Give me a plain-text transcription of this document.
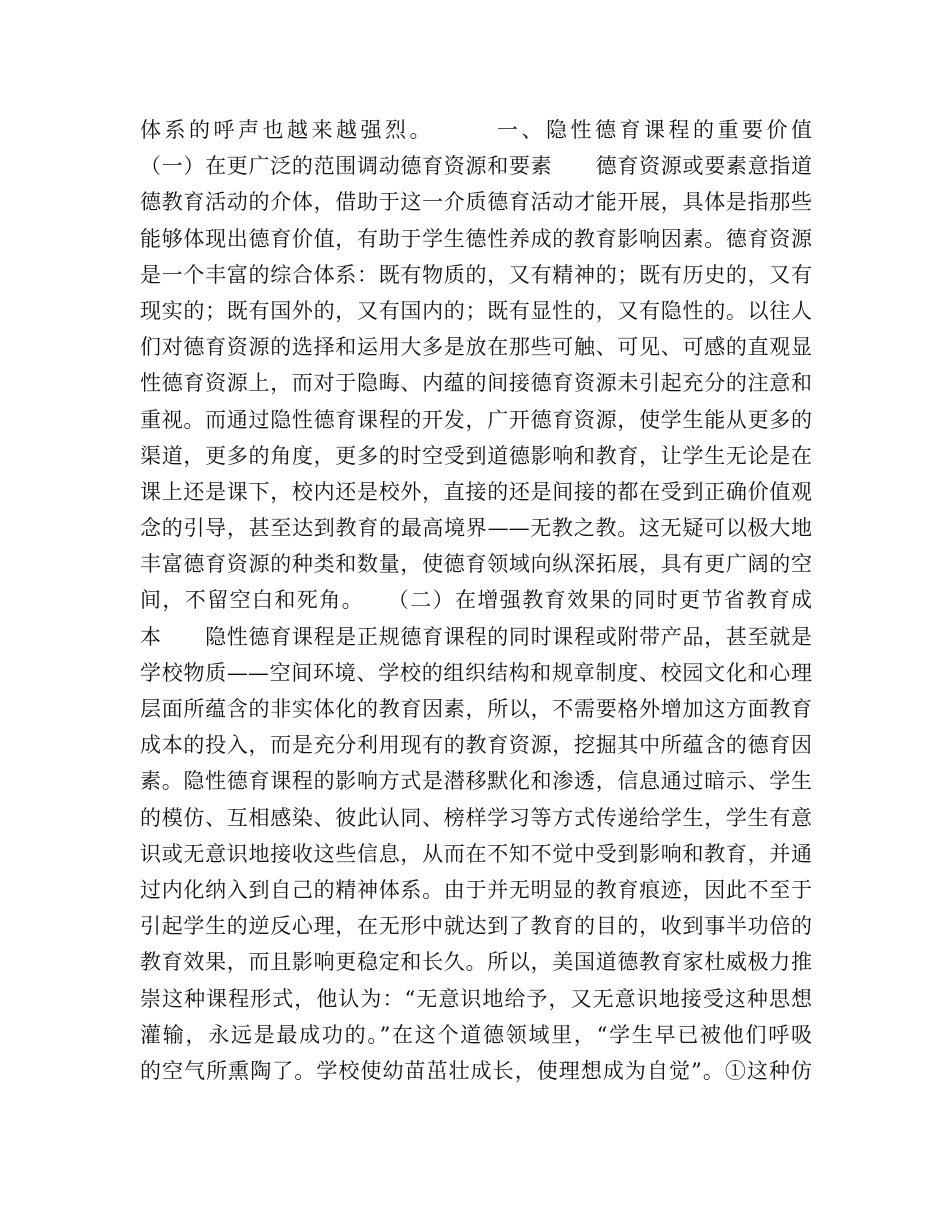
体系的呼声也越来越强烈。　　　一、隐性德育课程的重要价值
（一）在更广泛的范围调动德育资源和要素　　德育资源或要素意指道
德教育活动的介体，借助于这一介质德育活动才能开展，具体是指那些
能够体现出德育价值，有助于学生德性养成的教育影响因素。德育资源
是一个丰富的综合体系：既有物质的，又有精神的；既有历史的，又有
现实的；既有国外的，又有国内的；既有显性的，又有隐性的。以往人
们对德育资源的选择和运用大多是放在那些可触、可见、可感的直观显
性德育资源上，而对于隐晦、内蕴的间接德育资源未引起充分的注意和
重视。而通过隐性德育课程的开发，广开德育资源，使学生能从更多的
渠道，更多的角度，更多的时空受到道德影响和教育，让学生无论是在
课上还是课下，校内还是校外，直接的还是间接的都在受到正确价值观
念的引导，甚至达到教育的最高境界——无教之教。这无疑可以极大地
丰富德育资源的种类和数量，使德育领域向纵深拓展，具有更广阔的空
间，不留空白和死角。　　（二）在增强教育效果的同时更节省教育成
本　　隐性德育课程是正规德育课程的同时课程或附带产品，甚至就是
学校物质——空间环境、学校的组织结构和规章制度、校园文化和心理
层面所蕴含的非实体化的教育因素，所以，不需要格外增加这方面教育
成本的投入，而是充分利用现有的教育资源，挖掘其中所蕴含的德育因
素。隐性德育课程的影响方式是潜移默化和渗透，信息通过暗示、学生
的模仿、互相感染、彼此认同、榜样学习等方式传递给学生，学生有意
识或无意识地接收这些信息，从而在不知不觉中受到影响和教育，并通
过内化纳入到自己的精神体系。由于并无明显的教育痕迹，因此不至于
引起学生的逆反心理，在无形中就达到了教育的目的，收到事半功倍的
教育效果，而且影响更稳定和长久。所以，美国道德教育家杜威极力推
崇这种课程形式，他认为：“无意识地给予，又无意识地接受这种思想
灌输，永远是最成功的。”在这个道德领域里，“学生早已被他们呼吸
的空气所熏陶了。学校使幼苗茁壮成长，使理想成为自觉”。①这种仿
